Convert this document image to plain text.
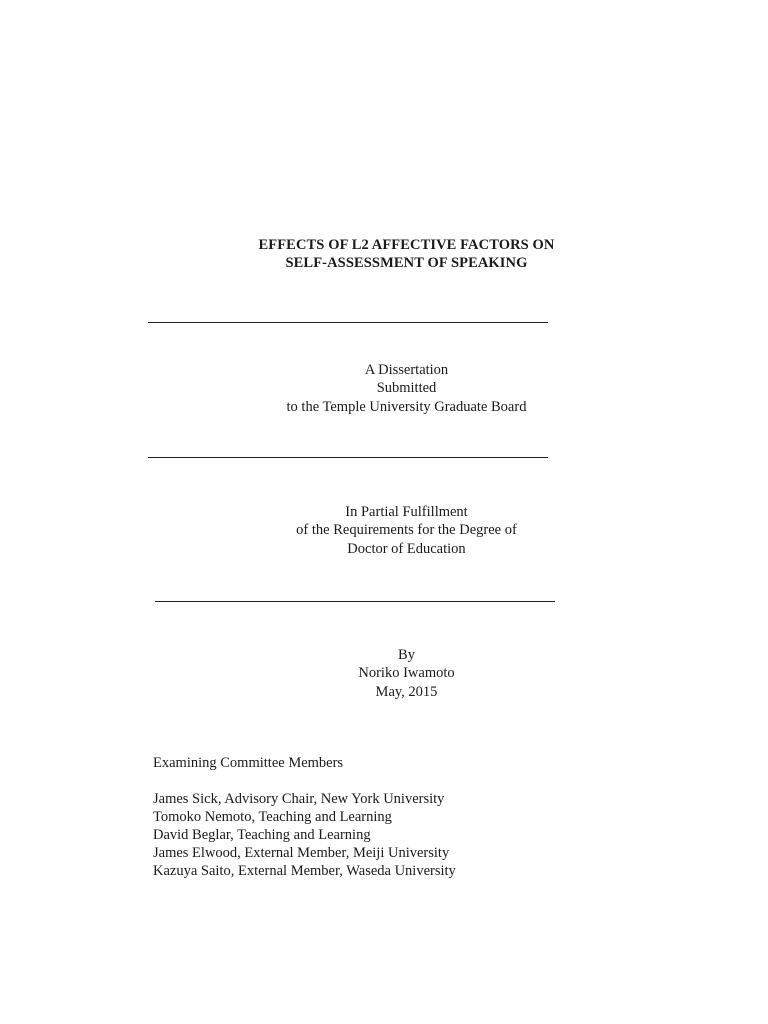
EFFECTS OF L2 AFFECTIVE FACTORS ON
SELF-ASSESSMENT OF SPEAKING
A Dissertation
Submitted
to the Temple University Graduate Board
In Partial Fulfillment
of the Requirements for the Degree of
Doctor of Education
By
Noriko Iwamoto
May, 2015
Examining Committee Members
James Sick, Advisory Chair, New York University
Tomoko Nemoto, Teaching and Learning
David Beglar, Teaching and Learning
James Elwood, External Member, Meiji University
Kazuya Saito, External Member, Waseda University
